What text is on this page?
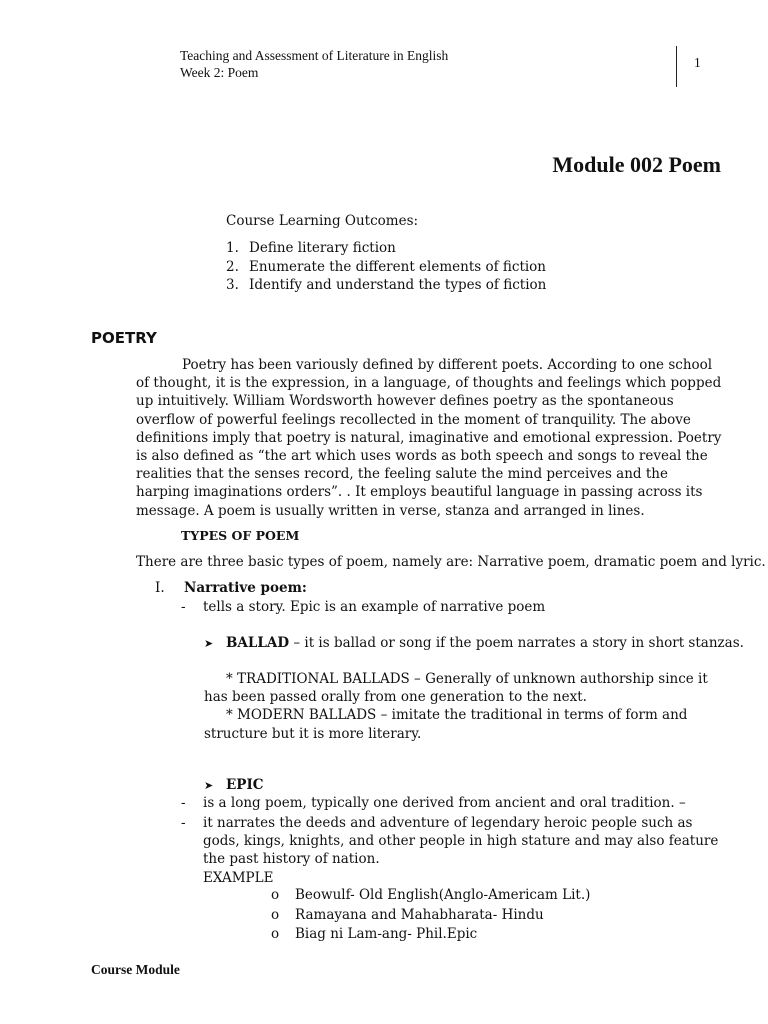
Teaching and Assessment of Literature in English
Week 2: Poem
1
Module 002 Poem
Course Learning Outcomes:
1. Define literary fiction
2. Enumerate the different elements of fiction
3. Identify and understand the types of fiction
POETRY
Poetry has been variously defined by different poets. According to one school of thought, it is the expression, in a language, of thoughts and feelings which popped up intuitively. William Wordsworth however defines poetry as the spontaneous overflow of powerful feelings recollected in the moment of tranquility. The above definitions imply that poetry is natural, imaginative and emotional expression. Poetry is also defined as “the art which uses words as both speech and songs to reveal the realities that the senses record, the feeling salute the mind perceives and the harping imaginations orders”. . It employs beautiful language in passing across its message. A poem is usually written in verse, stanza and arranged in lines.
TYPES OF POEM
There are three basic types of poem, namely are: Narrative poem, dramatic poem and lyric.
I. Narrative poem:
- tells a story. Epic is an example of narrative poem
➤ BALLAD – it is ballad or song if the poem narrates a story in short stanzas.
* TRADITIONAL BALLADS – Generally of unknown authorship since it has been passed orally from one generation to the next.
* MODERN BALLADS – imitate the traditional in terms of form and structure but it is more literary.
➤ EPIC
- is a long poem, typically one derived from ancient and oral tradition. –
- it narrates the deeds and adventure of legendary heroic people such as gods, kings, knights, and other people in high stature and may also feature the past history of nation.
EXAMPLE
o Beowulf- Old English(Anglo-Americam Lit.)
o Ramayana and Mahabharata- Hindu
o Biag ni Lam-ang- Phil.Epic
Course Module
